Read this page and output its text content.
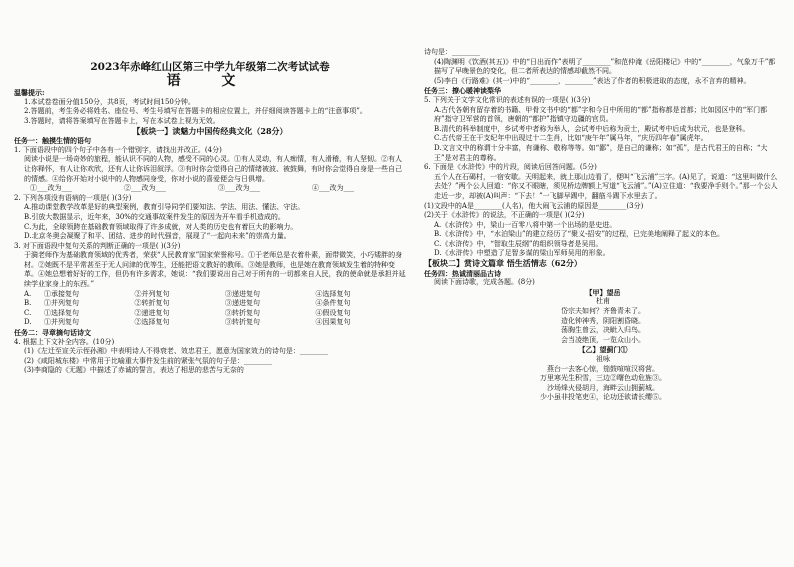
2023年赤峰红山区第三中学九年级第二次考试试卷
语 文

温馨提示:

1.本试卷卷面分值150分，共8页，考试时间150分钟。

2.答题前，考生务必将姓名、座位号、考生号填写在答题卡的相应位置上，并仔细阅读答题卡上的“注意事项”。

3.答题时，请将答案填写在答题卡上，写在本试卷上视为无效。

【板块一】读魅力中国传经典文化（28分）

任务一：触摸生情的语句

1. 下面语段中的四个句子中各有一个错别字，请找出并改正。(4分)

阅读小说是一场奇妙的旅程，能认识不同的人物，感受不同的心灵。①有人灵动，有人痴情，有人滑稽，有人坚韧。②有人让你释怀，有人让你欢欣，还有人让你诉泪叙浮。③有时你会觉得自己的情绪被波、被鼓舞，有时你会觉得自身是一些自己的情感。④给你开始对小说中的人物感同身受，你对小说的喜爱便会与日俱增。

①___改为___	②___改为___	③___改为___	④___改为___

2. 下列各项没有语病的一项是( )(3分)

A.推动课堂教学改革是好的典型案例，教育引导同学们要知法、学法、用法、懂法、守法。

B.引放大数据显示，近年来，30%的交通事故案件发生的原因为开车看手机造成的。

C.为此，全球领跨在基础教育领域取得了许多成就，对人类的历史也有着巨大的影响力。

D.北京冬奥会凝聚了和平、团结、进步的时代强音，展现了“一起向未来”的崇高力量。

3. 对下面语段中复句关系的判断正确的一项是( )(3分)

于漪老师作为基础教育领域的优秀者，荣获“人民教育家”国家荣誉称号。①于老师总是衣着朴素，面带微笑，小巧矮胖的身材。②她既不是平常甚至于无人问津的优等生，还能把语文教好的教师。③她是教师，也是她在教育领域发生着的特种变革。④她总想着好好的工作，但仍有许多需求，她说：“我们要说出自己对于所有的一切都来自人民，我的使命就是承担并延续学业家身上的东西。”

A.	①承接复句	②并列复句	③递进复句	④选择复句
B.	①并列复句	②转折复句	③递进复句	④条件复句
C.	①选择复句	②递进复句	③转折复句	④假设复句
D.	①并列复句	②选择复句	③转折复句	④因果复句

任务二：寻章摘句话诗文

4. 根据上下文补全内容。(10分)

(1)《左迁至宣关示侄孙湘》中表明诗人不得衰老、效忠君王，愿意为国家效力的诗句是：________

(2)《咸阳城东楼》中常用于比喻重大事件发生前的紧张气氛的句子是：________

(3)李商隐的《无题》中描述了赤诚的誓言，表达了相思的悲苦与无奈的

诗句是：________

(4)陶渊明《饮酒(其五)》中的“日出而作”表明了________”和范仲淹《岳阳楼记》中的“________，气象万千”都描写了早晚景色的变化，但二者所表达的情感却截然不同。

(5)李白《行路难》(其一)中的“________，________”表达了作者的积极进取的态度，永不言弃的精神。

任务三：撩心暖神读梨华

5. 下列关于文学文化常识的表述有误的一项是( )(3分)

A.古代各朝有留存着的书籍、甲骨文书中的“都”字和今日中所用的“都”指称都是首都；比如园区中的“军门都府”指守卫军营的首领，唐朝的“都护”指镇守边疆的官员。

B.清代的科举制度中，乡试考中者称为举人，会试考中后称为贡士，殿试考中后成为状元，也是登科。

C.古代帝王在干支纪年中出现过十二生肖，比如“庚午年”属马年，“庆历四年春”属虎年。

D.文言文中的称谓十分丰富，有谦称、敬称等等。如“鄙”，是自己的谦称；如“孤”，是古代君王的自称；“大王”是对君主的尊称。

6. 下面是《水浒传》中的片段，阅读后回答问题。(5分)

五个人在石碣村，一宿安歇。天明起来，就上那山边看了，便叫“飞云浦”三字。(A)见了，说道：“这里叫做什么去处？”两个公人回道：“你又不眼瞎，须见桥边牌额上写道“飞云浦”。”(A)立住道：“我要净手则个。”那一个公人走近一步，却被(A)叫声：“下去！”一飞脚早踢中，翻筋斗踢下水里去了。

(1)文段中的A是________(人名)，他大闹飞云浦的原因是________(3分)

(2)关于《水浒传》的说法，不正确的一项是( )(2分)

A.《水浒传》中，梁山一百零八将中第一个出场的是史进。

B.《水浒传》中，“水泊梁山”的建立经历了“聚义-招安”的过程，已完美地阐释了起义的本色。

C.《水浒传》中，“智取生辰纲”的组织领导者是吴用。

D.《水浒传》中塑造了足智多谋的梁山军师吴用的形象。

【板块二】赏诗文篇章 悟生活情志（62分）

任务四：热诚清丽品古诗

阅读下面诗歌，完成各题。(8分)

【甲】望岳

杜甫

岱宗夫如何？齐鲁青未了。

造化钟神秀，阴阳割昏晓。

荡胸生曾云，决眦入归鸟。

会当凌绝顶，一览众山小。

【乙】望蓟门①

祖咏

燕台一去客心惊，笳鼓喧喧汉将营。

万里寒光生积雪，三边②曙色动危旌③。

沙场烽火侵胡月，海畔云山拥蓟城。

少小虽非投笔吏④，论功还欲请长缨⑤。
